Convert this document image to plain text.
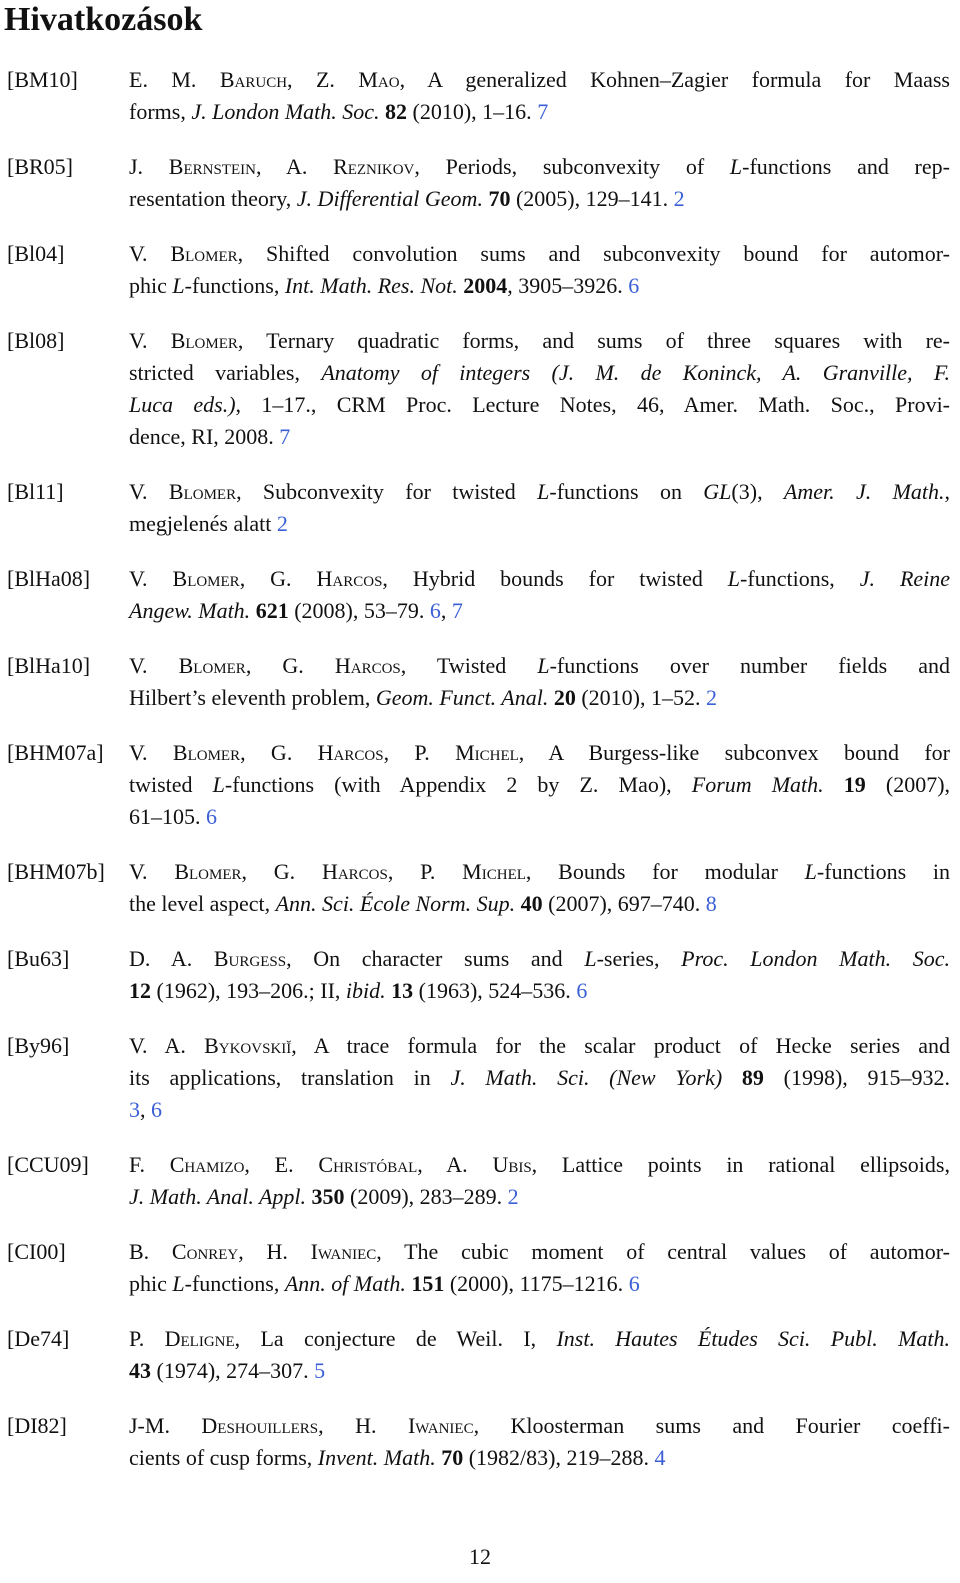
Hivatkozások
[BM10] E. M. Baruch, Z. Mao, A generalized Kohnen–Zagier formula for Maass
forms, J. London Math. Soc. 82 (2010), 1–16. 7
[BR05]	J. Bernstein, A. Reznikov, Periods, subconvexity of L-functions and rep-
resentation theory, J. Differential Geom. 70 (2005), 129–141. 2
[Bl04]	V. Blomer, Shifted convolution sums and subconvexity bound for automor-
phic L-functions, Int. Math. Res. Not. 2004, 3905–3926. 6
[Bl08]	V. Blomer, Ternary quadratic forms, and sums of three squares with re-
stricted variables, Anatomy of integers (J. M. de Koninck, A. Granville, F.
Luca eds.), 1–17., CRM Proc. Lecture Notes, 46, Amer. Math. Soc., Provi-
dence, RI, 2008. 7
[Bl11]	V. Blomer, Subconvexity for twisted L-functions on GL(3), Amer. J. Math.,
megjelenés alatt 2
[BlHa08] V. Blomer, G. Harcos, Hybrid bounds for twisted L-functions, J. Reine
Angew. Math. 621 (2008), 53–79. 6, 7
[BlHa10] V. Blomer, G. Harcos, Twisted L-functions over number fields and
Hilbert’s eleventh problem, Geom. Funct. Anal. 20 (2010), 1–52. 2
[BHM07a] V. Blomer, G. Harcos, P. Michel, A Burgess-like subconvex bound for
twisted L-functions (with Appendix 2 by Z. Mao), Forum Math. 19 (2007),
61–105. 6
[BHM07b] V. Blomer, G. Harcos, P. Michel, Bounds for modular L-functions in
the level aspect, Ann. Sci. École Norm. Sup. 40 (2007), 697–740. 8
[Bu63]	D. A. Burgess, On character sums and L-series, Proc. London Math. Soc.
12 (1962), 193–206.; II, ibid. 13 (1963), 524–536. 6
[By96]	V. A. Bykovskiĭ, A trace formula for the scalar product of Hecke series and
its applications, translation in J. Math. Sci. (New York) 89 (1998), 915–932.
3, 6
[CCU09] F. Chamizo, E. Christóbal, A. Ubis, Lattice points in rational ellipsoids,
J. Math. Anal. Appl. 350 (2009), 283–289. 2
[CI00]	B. Conrey, H. Iwaniec, The cubic moment of central values of automor-
phic L-functions, Ann. of Math. 151 (2000), 1175–1216. 6
[De74]	P. Deligne, La conjecture de Weil. I, Inst. Hautes Études Sci. Publ. Math.
43 (1974), 274–307. 5
[DI82]	J-M. Deshouillers, H. Iwaniec, Kloosterman sums and Fourier coeffi-
cients of cusp forms, Invent. Math. 70 (1982/83), 219–288. 4
12
